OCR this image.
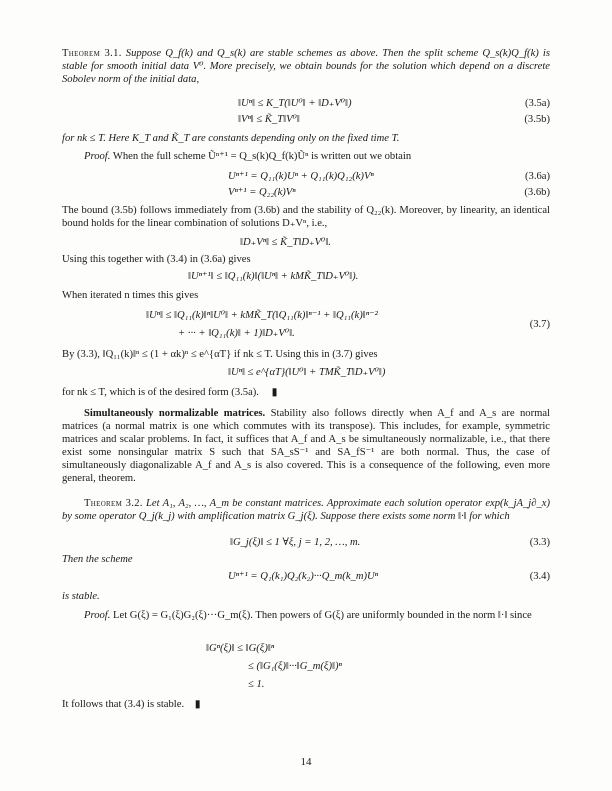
Theorem 3.1. Suppose Q_f(k) and Q_s(k) are stable schemes as above. Then the split scheme Q_s(k)Q_f(k) is stable for smooth initial data V⁰. More precisely, we obtain bounds for the solution which depend on a discrete Sobolev norm of the initial data,
‖Uⁿ‖ ≤ K_T(‖U⁰‖ + ‖D₊V⁰‖)	(3.5a)
‖Vⁿ‖ ≤ K̃_T‖V⁰‖	(3.5b)
for nk ≤ T. Here K_T and K̃_T are constants depending only on the fixed time T.
Proof. When the full scheme Ũⁿ⁺¹ = Q_s(k)Q_f(k)Ũⁿ is written out we obtain
Uⁿ⁺¹ = Q₁₁(k)Uⁿ + Q₁₁(k)Q₁₂(k)Vⁿ	(3.6a)
Vⁿ⁺¹ = Q₂₂(k)Vⁿ	(3.6b)
The bound (3.5b) follows immediately from (3.6b) and the stability of Q₂₂(k). Moreover, by linearity, an identical bound holds for the linear combination of solutions D₊Vⁿ, i.e.,
‖D₊Vⁿ‖ ≤ K̃_T‖D₊V⁰‖.
Using this together with (3.4) in (3.6a) gives
‖Uⁿ⁺¹‖ ≤ ‖Q₁₁(k)‖(‖Uⁿ‖ + kMK̃_T‖D₊V⁰‖).
When iterated n times this gives
‖Uⁿ‖ ≤ ‖Q₁₁(k)‖ⁿ‖U⁰‖ + kMK̃_T(‖Q₁₁(k)‖ⁿ⁻¹ + ‖Q₁₁(k)‖ⁿ⁻²
+ ··· + ‖Q₁₁(k)‖ + 1)‖D₊V⁰‖.
(3.7)
By (3.3), ‖Q₁₁(k)‖ⁿ ≤ (1 + αk)ⁿ ≤ e^{αT} if nk ≤ T. Using this in (3.7) gives
‖Uⁿ‖ ≤ e^{αT}(‖U⁰‖ + TMK̃_T‖D₊V⁰‖)
for nk ≤ T, which is of the desired form (3.5a). ▮
Simultaneously normalizable matrices. Stability also follows directly when A_f and A_s are normal matrices (a normal matrix is one which commutes with its transpose). This includes, for example, symmetric matrices and scalar problems. In fact, it suffices that A_f and A_s be simultaneously normalizable, i.e., that there exist some nonsingular matrix S such that SA_sS⁻¹ and SA_fS⁻¹ are both normal. Thus, the case of simultaneously diagonalizable A_f and A_s is also covered. This is a consequence of the following, even more general, theorem.
Theorem 3.2. Let A₁, A₂, …, A_m be constant matrices. Approximate each solution operator exp(k_jA_j∂_x) by some operator Q_j(k_j) with amplification matrix G_j(ξ). Suppose there exists some norm ‖·‖ for which
‖G_j(ξ)‖ ≤ 1 ∀ξ, j = 1, 2, …, m.	(3.3)
Then the scheme
Uⁿ⁺¹ = Q₁(k₁)Q₂(k₂)···Q_m(k_m)Uⁿ	(3.4)
is stable.
Proof. Let G(ξ) = G₁(ξ)G₂(ξ)···G_m(ξ). Then powers of G(ξ) are uniformly bounded in the norm ‖·‖ since
‖Gⁿ(ξ)‖ ≤ ‖G(ξ)‖ⁿ
≤ (‖G₁(ξ)‖···‖G_m(ξ)‖)ⁿ
≤ 1.
It follows that (3.4) is stable. ▮
14
